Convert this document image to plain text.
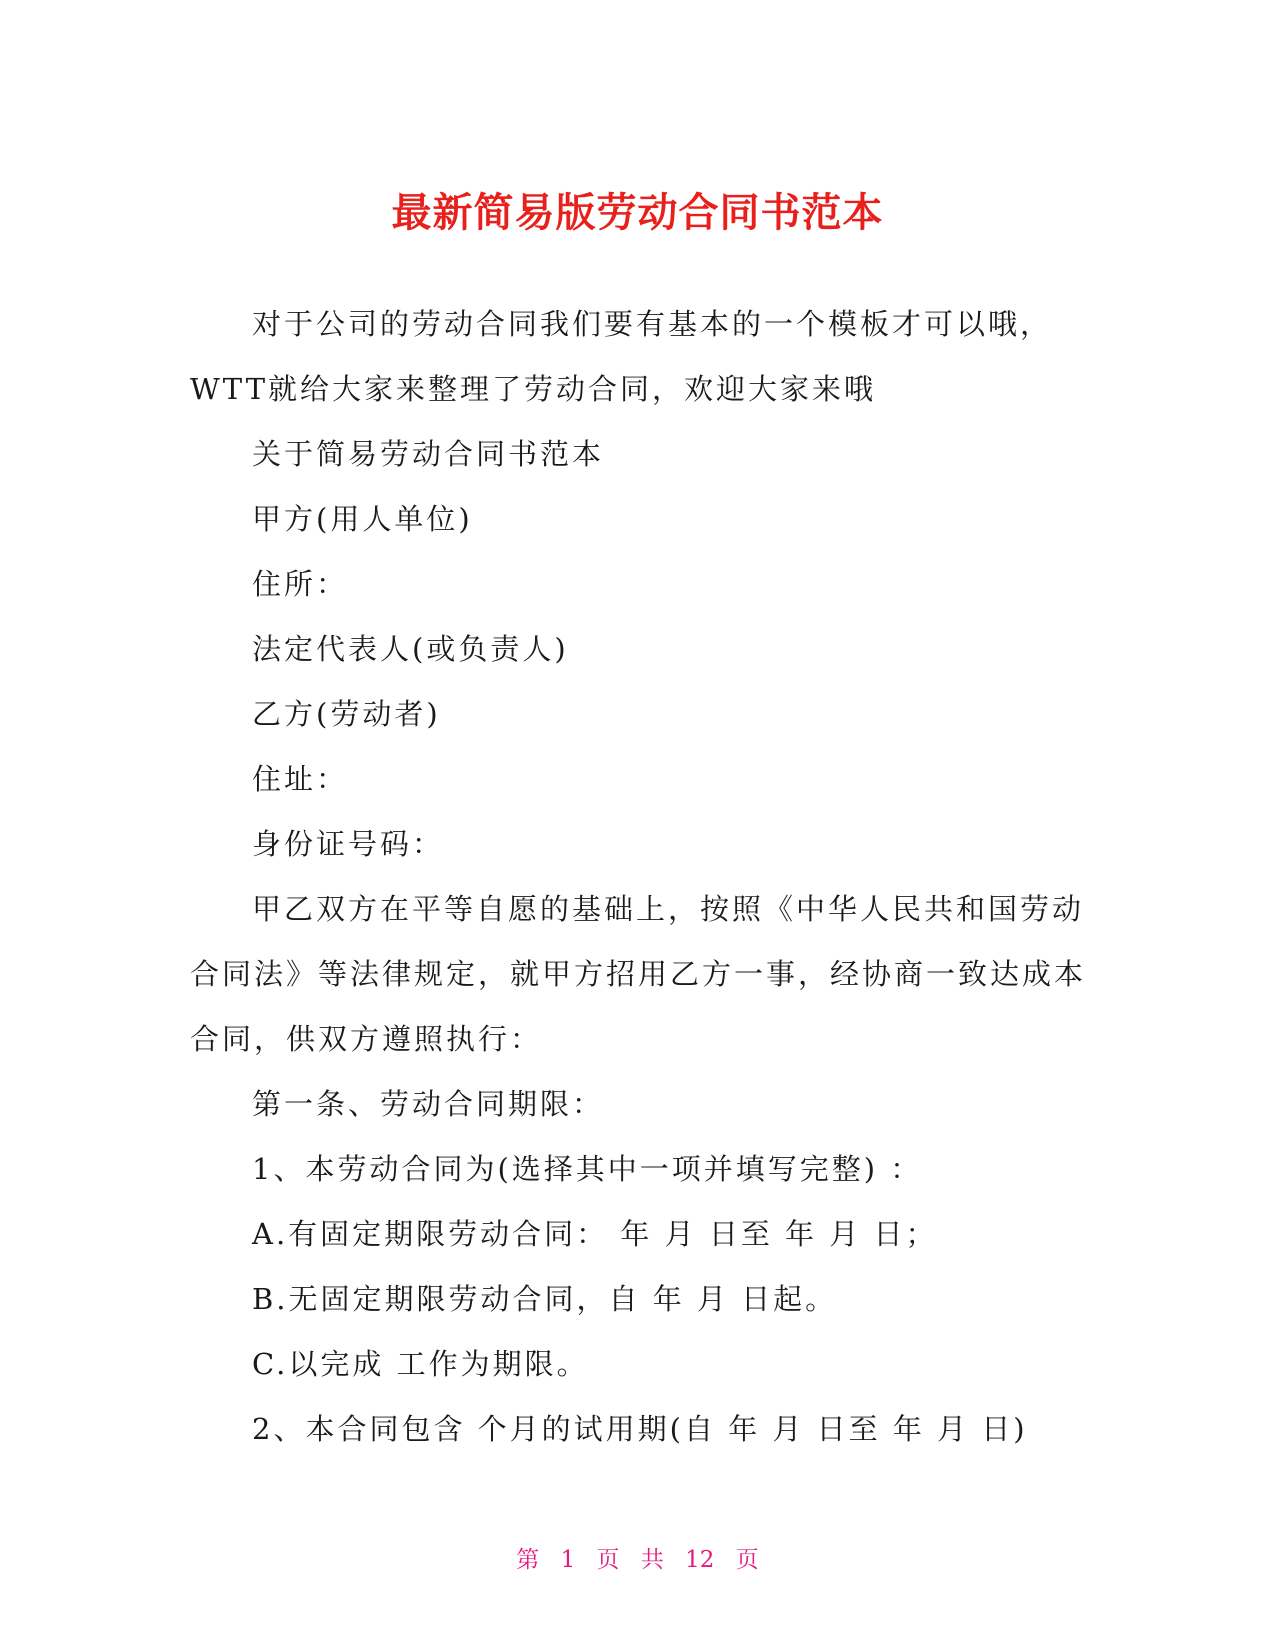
最新简易版劳动合同书范本

对于公司的劳动合同我们要有基本的一个模板才可以哦，WTT就给大家来整理了劳动合同，欢迎大家来哦

关于简易劳动合同书范本

甲方(用人单位)

住所：

法定代表人(或负责人)

乙方(劳动者)

住址：

身份证号码：

甲乙双方在平等自愿的基础上，按照《中华人民共和国劳动合同法》等法律规定，就甲方招用乙方一事，经协商一致达成本合同，供双方遵照执行：

第一条、劳动合同期限：

1、本劳动合同为(选择其中一项并填写完整) ：

A.有固定期限劳动合同： 年 月 日至 年 月 日；

B.无固定期限劳动合同，自 年 月 日起。

C.以完成 工作为期限。

2、本合同包含 个月的试用期(自 年 月 日至 年 月 日)

第 1 页 共 12 页
